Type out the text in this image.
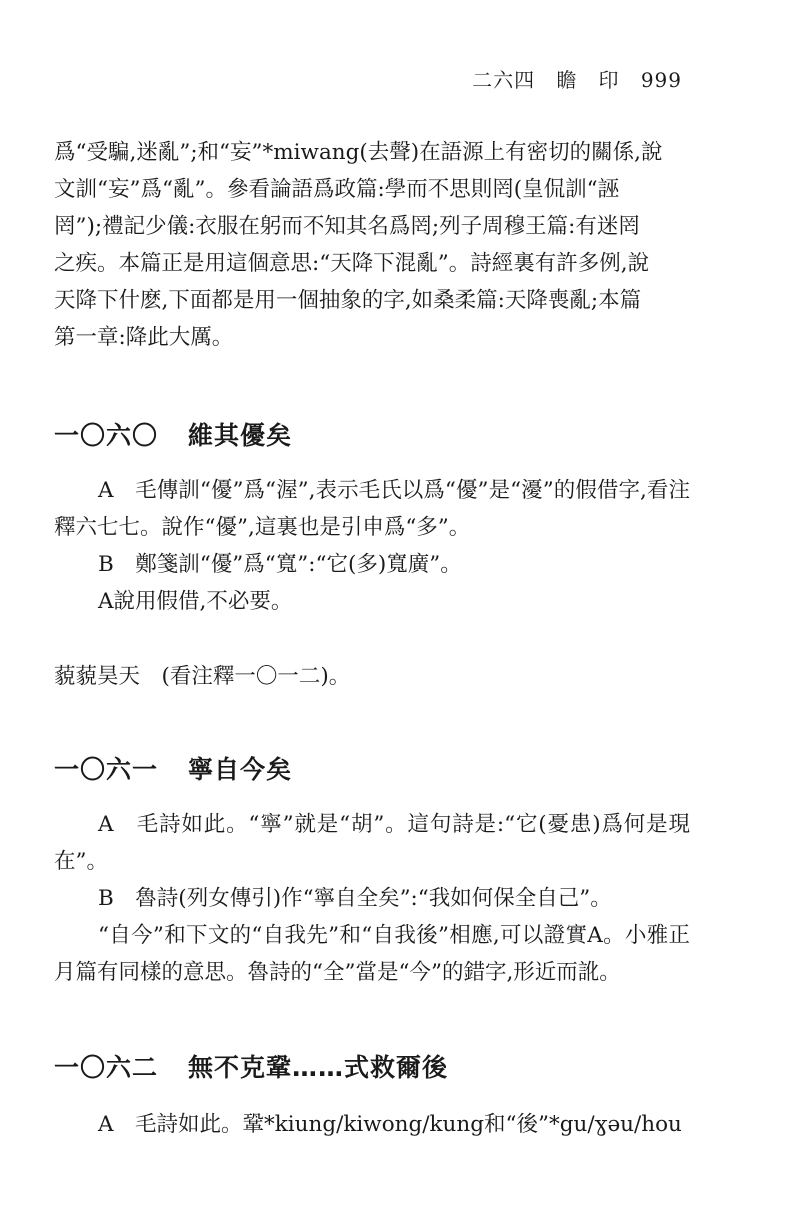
二六四 瞻　印 999

爲“受騙,迷亂”;和“妄”*miwang(去聲)在語源上有密切的關係,說

文訓“妄”爲“亂”。參看論語爲政篇:學而不思則罔(皇侃訓“誣

罔”);禮記少儀:衣服在躬而不知其名爲罔;列子周穆王篇:有迷罔

之疾。本篇正是用這個意思:“天降下混亂”。詩經裏有許多例,說

天降下什麽,下面都是用一個抽象的字,如桑柔篇:天降喪亂;本篇

第一章:降此大厲。

一〇六〇 維其優矣

A　毛傳訓“優”爲“渥”,表示毛氏以爲“優”是“瀀”的假借字,看注釋六七七。說作“優”,這裏也是引申爲“多”。

B　鄭箋訓“優”爲“寬”:“它(多)寬廣”。

A說用假借,不必要。

藐藐昊天　(看注釋一〇一二)。

一〇六一 寧自今矣

A　毛詩如此。“寧”就是“胡”。這句詩是:“它(憂患)爲何是現在”。

B　魯詩(列女傳引)作“寧自全矣”:“我如何保全自己”。

“自今”和下文的“自我先”和“自我後”相應,可以證實A。小雅正月篇有同樣的意思。魯詩的“全”當是“今”的錯字,形近而訛。

一〇六二 無不克鞏……式救爾後

A　毛詩如此。鞏*kiung/kiwong/kung和“後”*gu/ɣəu/hou
